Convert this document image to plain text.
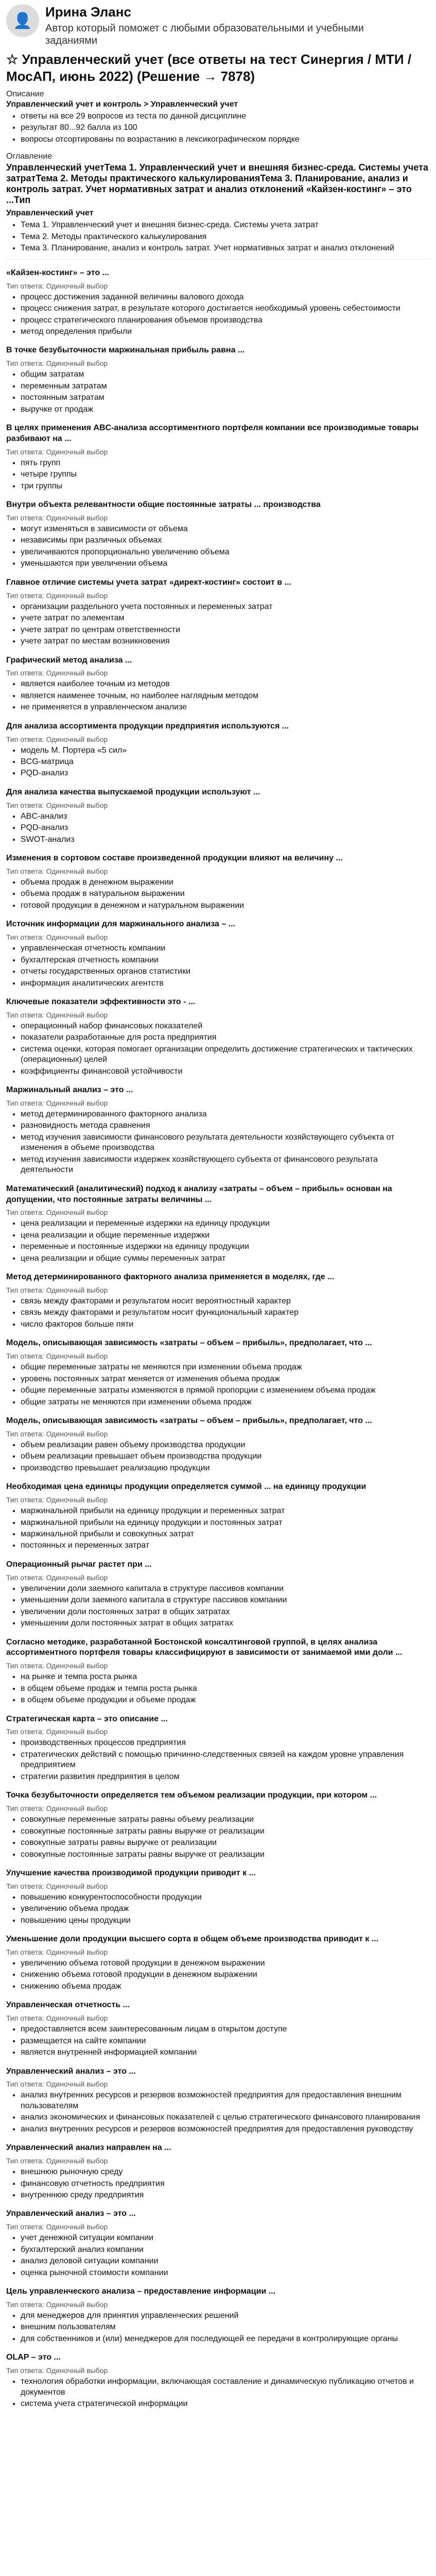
👤
Ирина Эланс
Автор который поможет с любыми образовательными и учебными заданиями
☆ Управленческий учет (все ответы на тест Синергия / МТИ / МосАП, июнь 2022) (Решение → 7878)
Описание
Управленческий учет и контроль > Управленческий учет
• ответы на все 29 вопросов из теста по данной дисциплине
• результат 80...92 балла из 100
• вопросы отсортированы по возрастанию в лексикографическом порядке
Оглавление
Управленческий учетТема 1. Управленческий учет и внешняя бизнес-среда. Системы учета затратТема 2. Методы практического калькулированияТема 3. Планирование, анализ и контроль затрат. Учет нормативных затрат и анализ отклонений «Кайзен-костинг» – это ...Тип
Управленческий учет
• Тема 1. Управленческий учет и внешняя бизнес-среда. Системы учета затрат
• Тема 2. Методы практического калькулирования
• Тема 3. Планирование, анализ и контроль затрат. Учет нормативных затрат и анализ отклонений
«Кайзен-костинг» – это ...
Тип ответа: Одиночный выбор
• процесс достижения заданной величины валового дохода
• процесс снижения затрат, в результате которого достигается необходимый уровень себестоимости
• процесс стратегического планирования объемов производства
• метод определения прибыли
В точке безубыточности маржинальная прибыль равна ...
Тип ответа: Одиночный выбор
• общим затратам
• переменным затратам
• постоянным затратам
• выручке от продаж
В целях применения ABC-анализа ассортиментного портфеля компании все производимые товары разбивают на ...
Тип ответа: Одиночный выбор
• пять групп
• четыре группы
• три группы
Внутри объекта релевантности общие постоянные затраты ... производства
Тип ответа: Одиночный выбор
• могут изменяться в зависимости от объема
• независимы при различных объемах
• увеличиваются пропорционально увеличению объема
• уменьшаются при увеличении объема
Главное отличие системы учета затрат «директ-костинг» состоит в ...
Тип ответа: Одиночный выбор
• организации раздельного учета постоянных и переменных затрат
• учете затрат по элементам
• учете затрат по центрам ответственности
• учете затрат по местам возникновения
Графический метод анализа ...
Тип ответа: Одиночный выбор
• является наиболее точным из методов
• является наименее точным, но наиболее наглядным методом
• не применяется в управленческом анализе
Для анализа ассортимента продукции предприятия используются ...
Тип ответа: Одиночный выбор
• модель М. Портера «5 сил»
• BCG-матрица
• PQD-анализ
Для анализа качества выпускаемой продукции используют ...
Тип ответа: Одиночный выбор
• ABC-анализ
• PQD-анализ
• SWOT-анализ
Изменения в сортовом составе произведенной продукции влияют на величину ...
Тип ответа: Одиночный выбор
• объема продаж в денежном выражении
• объема продаж в натуральном выражении
• готовой продукции в денежном и натуральном выражении
Источник информации для маржинального анализа – ...
Тип ответа: Одиночный выбор
• управленческая отчетность компании
• бухгалтерская отчетность компании
• отчеты государственных органов статистики
• информация аналитических агентств
Ключевые показатели эффективности это - ...
Тип ответа: Одиночный выбор
• операционный набор финансовых показателей
• показатели разработанные для роста предприятия
• система оценки, которая помогает организации определить достижение стратегических и тактических (операционных) целей
• коэффициенты финансовой устойчивости
Маржинальный анализ – это ...
Тип ответа: Одиночный выбор
• метод детерминированного факторного анализа
• разновидность метода сравнения
• метод изучения зависимости финансового результата деятельности хозяйствующего субъекта от изменения в объеме производства
• метод изучения зависимости издержек хозяйствующего субъекта от финансового результата деятельности
Математический (аналитический) подход к анализу «затраты – объем – прибыль» основан на допущении, что постоянные затраты величины ...
Тип ответа: Одиночный выбор
• цена реализации и переменные издержки на единицу продукции
• цена реализации и общие переменные издержки
• переменные и постоянные издержки на единицу продукции
• цена реализации и общие суммы переменных затрат
Метод детерминированного факторного анализа применяется в моделях, где ...
Тип ответа: Одиночный выбор
• связь между факторами и результатом носит вероятностный характер
• связь между факторами и результатом носит функциональный характер
• число факторов больше пяти
Модель, описывающая зависимость «затраты – объем – прибыль», предполагает, что ...
Тип ответа: Одиночный выбор
• общие переменные затраты не меняются при изменении объема продаж
• уровень постоянных затрат меняется от изменения объема продаж
• общие переменные затраты изменяются в прямой пропорции с изменением объема продаж
• общие затраты не меняются при изменении объема продаж
Модель, описывающая зависимость «затраты – объем – прибыль», предполагает, что ...
Тип ответа: Одиночный выбор
• объем реализации равен объему производства продукции
• объем реализации превышает объем производства продукции
• производство превышает реализацию продукции
Необходимая цена единицы продукции определяется суммой ... на единицу продукции
Тип ответа: Одиночный выбор
• маржинальной прибыли на единицу продукции и переменных затрат
• маржинальной прибыли на единицу продукции и постоянных затрат
• маржинальной прибыли и совокупных затрат
• постоянных и переменных затрат
Операционный рычаг растет при ...
Тип ответа: Одиночный выбор
• увеличении доли заемного капитала в структуре пассивов компании
• уменьшении доли заемного капитала в структуре пассивов компании
• увеличении доли постоянных затрат в общих затратах
• уменьшении доли постоянных затрат в общих затратах
Согласно методике, разработанной Бостонской консалтинговой группой, в целях анализа ассортиментного портфеля товары классифицируют в зависимости от занимаемой ими доли ...
Тип ответа: Одиночный выбор
• на рынке и темпа роста рынка
• в общем объеме продаж и темпа роста рынка
• в общем объеме продукции и объеме продаж
Стратегическая карта – это описание ...
Тип ответа: Одиночный выбор
• производственных процессов предприятия
• стратегических действий с помощью причинно-следственных связей на каждом уровне управления предприятием
• стратегии развития предприятия в целом
Точка безубыточности определяется тем объемом реализации продукции, при котором ...
Тип ответа: Одиночный выбор
• совокупные переменные затраты равны объему реализации
• совокупные постоянные затраты равны выручке от реализации
• совокупные затраты равны выручке от реализации
• совокупные постоянные затраты равны выручке от реализации
Улучшение качества производимой продукции приводит к ...
Тип ответа: Одиночный выбор
• повышению конкурентоспособности продукции
• увеличению объема продаж
• повышению цены продукции
Уменьшение доли продукции высшего сорта в общем объеме производства приводит к ...
Тип ответа: Одиночный выбор
• увеличению объема готовой продукции в денежном выражении
• снижению объема готовой продукции в денежном выражении
• снижению объема продаж
Управленческая отчетность ...
Тип ответа: Одиночный выбор
• предоставляется всем заинтересованным лицам в открытом доступе
• размещается на сайте компании
• является внутренней информацией компании
Управленческий анализ – это ...
Тип ответа: Одиночный выбор
• анализ внутренних ресурсов и резервов возможностей предприятия для предоставления внешним пользователям
• анализ экономических и финансовых показателей с целью стратегического финансового планирования
• анализ внутренних ресурсов и резервов возможностей предприятия для предоставления руководству
Управленческий анализ направлен на ...
Тип ответа: Одиночный выбор
• внешнюю рыночную среду
• финансовую отчетность предприятия
• внутреннюю среду предприятия
Управленческий анализ – это ...
Тип ответа: Одиночный выбор
• учет денежной ситуации компании
• бухгалтерский анализ компании
• анализ деловой ситуации компании
• оценка рыночной стоимости компании
Цель управленческого анализа – предоставление информации ...
Тип ответа: Одиночный выбор
• для менеджеров для принятия управленческих решений
• внешним пользователям
• для собственников и (или) менеджеров для последующей ее передачи в контролирующие органы
OLAP – это ...
Тип ответа: Одиночный выбор
• технология обработки информации, включающая составление и динамическую публикацию отчетов и документов
• система учета стратегической информации
